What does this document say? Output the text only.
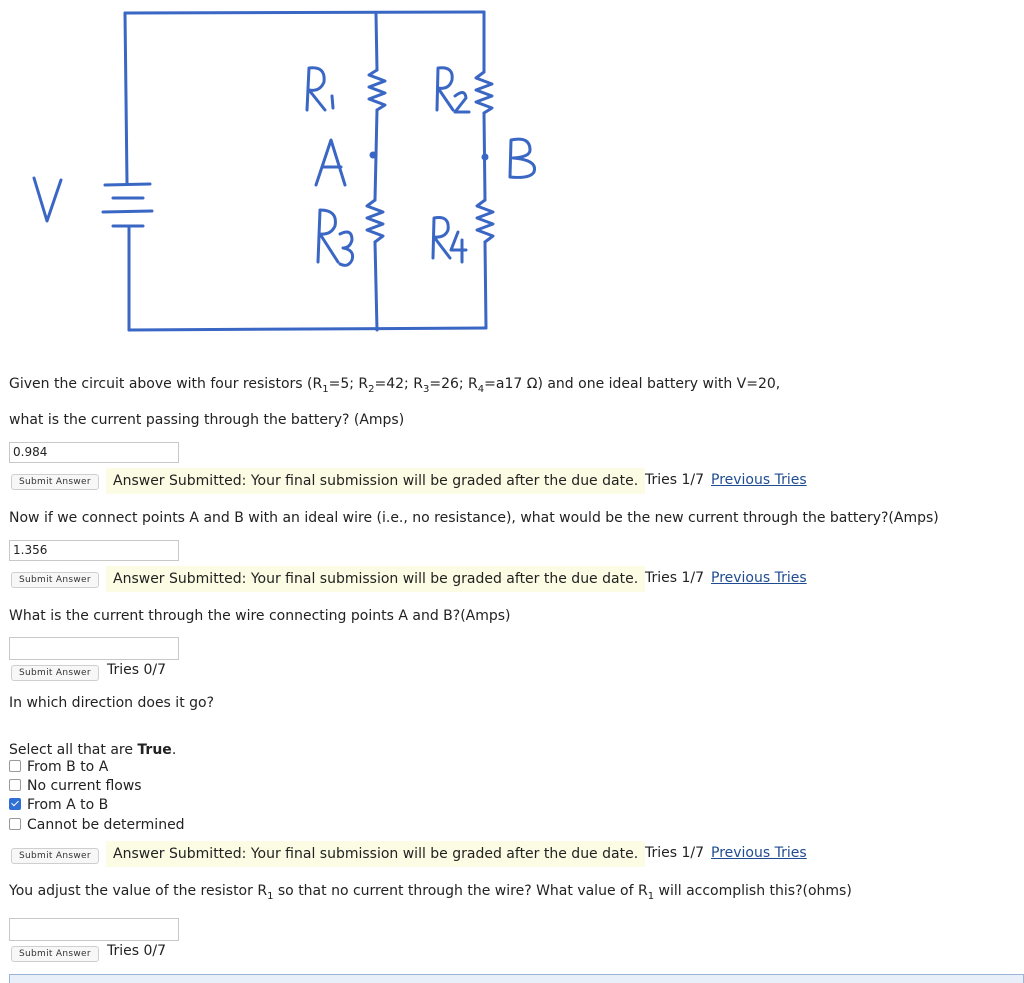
Given the circuit above with four resistors ($R_1=5$; $R_2=42$; $R_3=26$; $R_4=a17$ Ω) and one ideal battery with V=20,
what is the current passing through the battery? (Amps)
0.984
Submit Answer	Answer Submitted: Your final submission will be graded after the due date. Tries 1/7 Previous Tries
Now if we connect points A and B with an ideal wire (i.e., no resistance), what would be the new current through the battery?(Amps)
1.356
Submit Answer	Answer Submitted: Your final submission will be graded after the due date. Tries 1/7 Previous Tries
What is the current through the wire connecting points A and B?(Amps)
Submit Answer	Tries 0/7
In which direction does it go?
Select all that are True.
From B to A
No current flows
From A to B
Cannot be determined
Submit Answer	Answer Submitted: Your final submission will be graded after the due date. Tries 1/7 Previous Tries
You adjust the value of the resistor $R_1$ so that no current through the wire? What value of $R_1$ will accomplish this?(ohms)
Submit Answer	Tries 0/7
